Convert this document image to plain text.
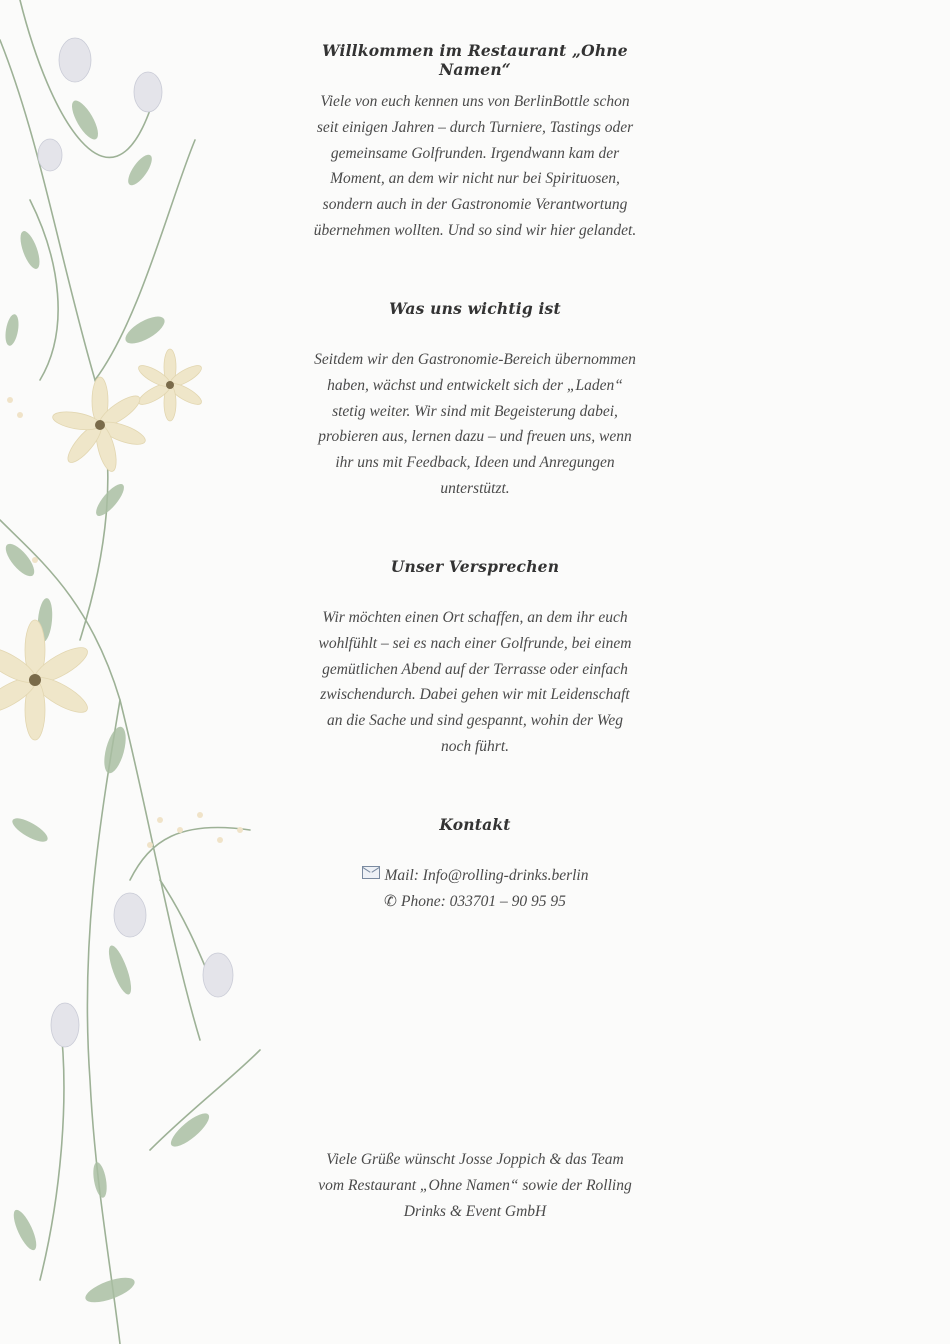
Willkommen im Restaurant „Ohne Namen“
Viele von euch kennen uns von BerlinBottle schon
seit einigen Jahren – durch Turniere, Tastings oder
gemeinsame Golfrunden. Irgendwann kam der
Moment, an dem wir nicht nur bei Spirituosen,
sondern auch in der Gastronomie Verantwortung
übernehmen wollten. Und so sind wir hier gelandet.
Was uns wichtig ist
Seitdem wir den Gastronomie-Bereich übernommen
haben, wächst und entwickelt sich der „Laden“
stetig weiter. Wir sind mit Begeisterung dabei,
probieren aus, lernen dazu – und freuen uns, wenn
ihr uns mit Feedback, Ideen und Anregungen
unterstützt.
Unser Versprechen
Wir möchten einen Ort schaffen, an dem ihr euch
wohlfühlt – sei es nach einer Golfrunde, bei einem
gemütlichen Abend auf der Terrasse oder einfach
zwischendurch. Dabei gehen wir mit Leidenschaft
an die Sache und sind gespannt, wohin der Weg
noch führt.
Kontakt
Mail: Info@rolling-drinks.berlin
✆ Phone: 033701 – 90 95 95
Viele Grüße wünscht Josse Joppich & das Team
vom Restaurant „Ohne Namen“ sowie der Rolling
Drinks & Event GmbH
